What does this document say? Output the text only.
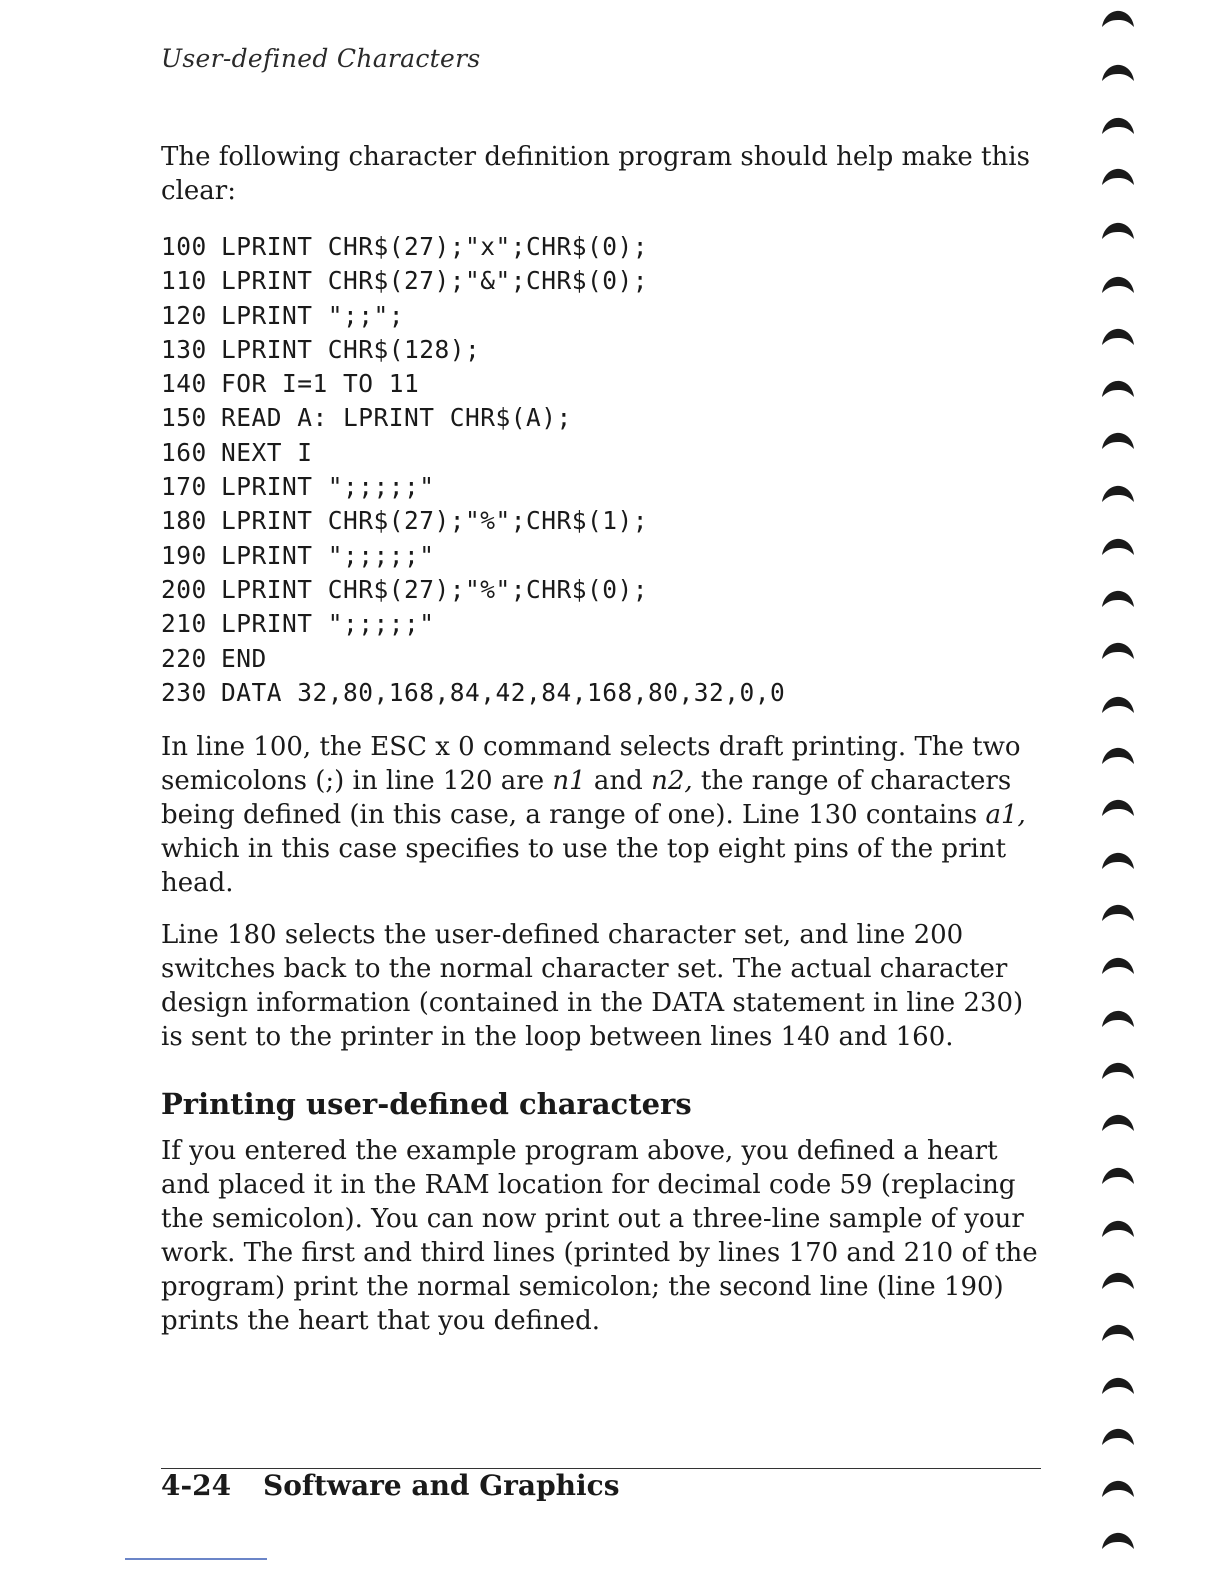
User-defined Characters

The following character definition program should help make this clear:

100 LPRINT CHR$(27);"x";CHR$(0);
110 LPRINT CHR$(27);"&";CHR$(0);
120 LPRINT ";;";
130 LPRINT CHR$(128);
140 FOR I=1 TO 11
150 READ A: LPRINT CHR$(A);
160 NEXT I
170 LPRINT ";;;;;"
180 LPRINT CHR$(27);"%";CHR$(1);
190 LPRINT ";;;;;"
200 LPRINT CHR$(27);"%";CHR$(0);
210 LPRINT ";;;;;"
220 END
230 DATA 32,80,168,84,42,84,168,80,32,0,0

In line 100, the ESC x 0 command selects draft printing. The two semicolons (;) in line 120 are n1 and n2, the range of characters being defined (in this case, a range of one). Line 130 contains a1, which in this case specifies to use the top eight pins of the print head.

Line 180 selects the user-defined character set, and line 200 switches back to the normal character set. The actual character design information (contained in the DATA statement in line 230) is sent to the printer in the loop between lines 140 and 160.

Printing user-defined characters

If you entered the example program above, you defined a heart and placed it in the RAM location for decimal code 59 (replacing the semicolon). You can now print out a three-line sample of your work. The first and third lines (printed by lines 170 and 210 of the program) print the normal semicolon; the second line (line 190) prints the heart that you defined.

4-24 Software and Graphics
